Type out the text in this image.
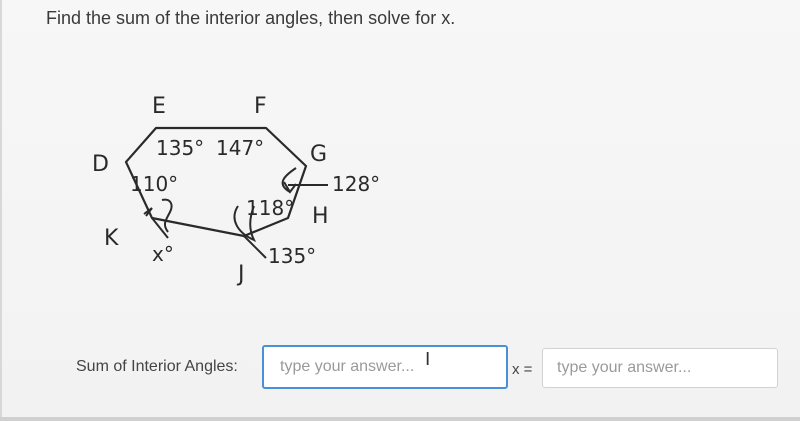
Find the sum of the interior angles, then solve for x.
E	F
G
H
J
K
D
135° 147°
110°	128°
118°
135°
x°
Sum of Interior Angles:
type your answer...	I	x =
type your answer...
